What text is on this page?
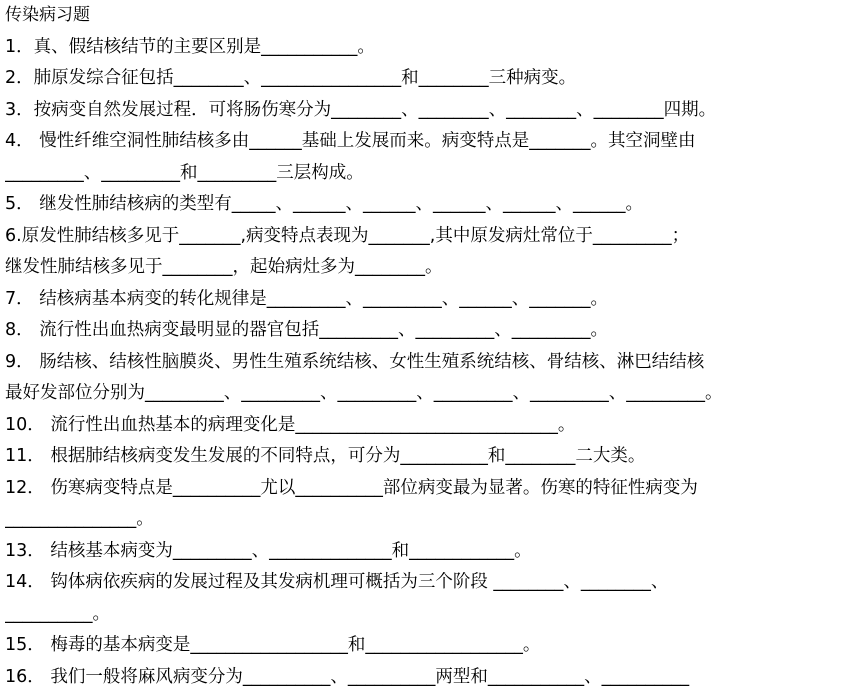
传染病习题
1．真、假结核结节的主要区别是___________。
2．肺原发综合征包括________、________________和________三种病变。
3．按病变自然发展过程．可将肠伤寒分为________、________、________、________四期。
4． 慢性纤维空洞性肺结核多由______基础上发展而来。病变特点是_______。其空洞壁由
_________、_________和_________三层构成。
5． 继发性肺结核病的类型有_____、______、______、______、______、______。
6.原发性肺结核多见于_______,病变特点表现为_______,其中原发病灶常位于_________；
继发性肺结核多见于________，起始病灶多为________。
7． 结核病基本病变的转化规律是_________、_________、______、_______。
8． 流行性出血热病变最明显的器官包括_________、_________、_________。
9． 肠结核、结核性脑膜炎、男性生殖系统结核、女性生殖系统结核、骨结核、淋巴结结核
最好发部位分别为_________、_________、_________、_________、_________、_________。
10． 流行性出血热基本的病理变化是______________________________。
11． 根据肺结核病变发生发展的不同特点，可分为__________和________二大类。
12． 伤寒病变特点是__________尤以__________部位病变最为显著。伤寒的特征性病变为
_______________。
13． 结核基本病变为_________、______________和____________。
14． 钩体病依疾病的发展过程及其发病机理可概括为三个阶段 ________、________、
__________。
15． 梅毒的基本病变是__________________和__________________。
16． 我们一般将麻风病变分为__________、__________两型和___________、__________
